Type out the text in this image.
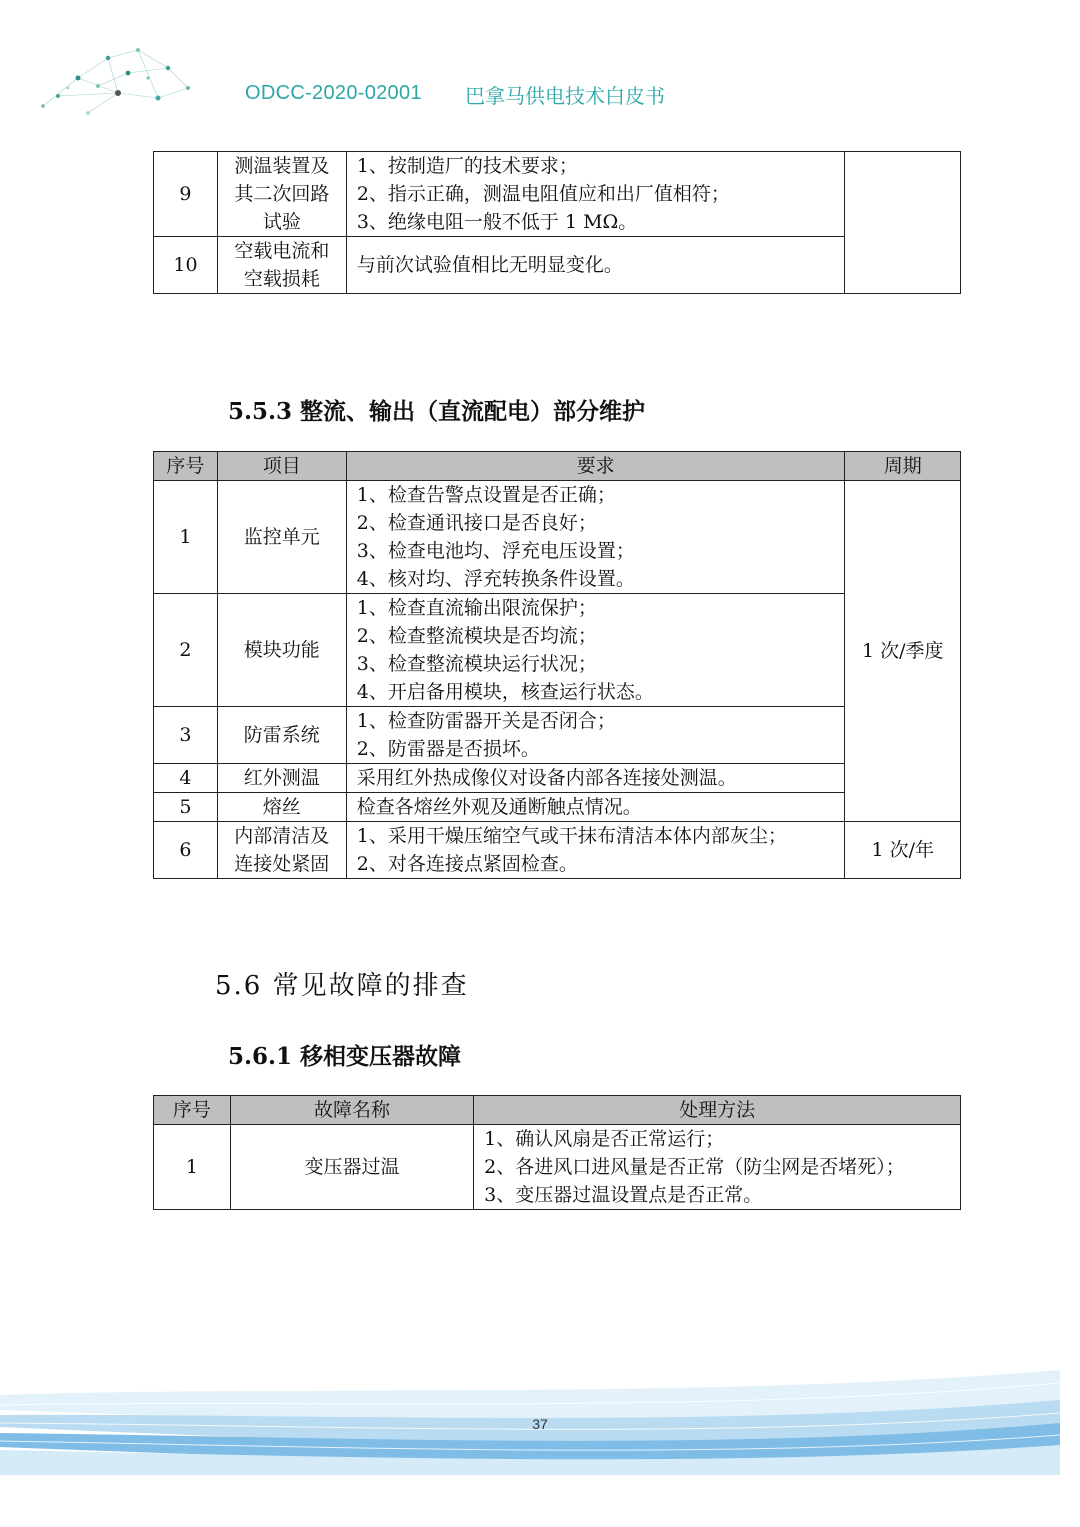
ODCC-2020-02001 巴拿马供电技术白皮书
9	测温装置及
其二次回路
试验	1、按制造厂的技术要求；
2、指示正确，测温电阻值应和出厂值相符；
3、绝缘电阻一般不低于 1 MΩ。	

10	空载电流和
空载损耗	与前次试验值相比无明显变化。	
5.5.3 整流、输出（直流配电）部分维护
序号	项目	要求	周期
1	监控单元	1、检查告警点设置是否正确；
2、检查通讯接口是否良好；
3、检查电池均、浮充电压设置；
4、核对均、浮充转换条件设置。	1 次/季度
2	模块功能	1、检查直流输出限流保护；
2、检查整流模块是否均流；
3、检查整流模块运行状况；
4、开启备用模块，核查运行状态。	

3	防雷系统	1、检查防雷器开关是否闭合；
2、防雷器是否损坏。	

4	红外测温	采用红外热成像仪对设备内部各连接处测温。	

5	熔丝	检查各熔丝外观及通断触点情况。	

6	内部清洁及
连接处紧固	1、采用干燥压缩空气或干抹布清洁本体内部灰尘；
2、对各连接点紧固检查。	1 次/年
5.6 常见故障的排查
5.6.1 移相变压器故障
序号	故障名称	处理方法
1	变压器过温	1、确认风扇是否正常运行；
2、各进风口进风量是否正常（防尘网是否堵死）；
3、变压器过温设置点是否正常。
37
